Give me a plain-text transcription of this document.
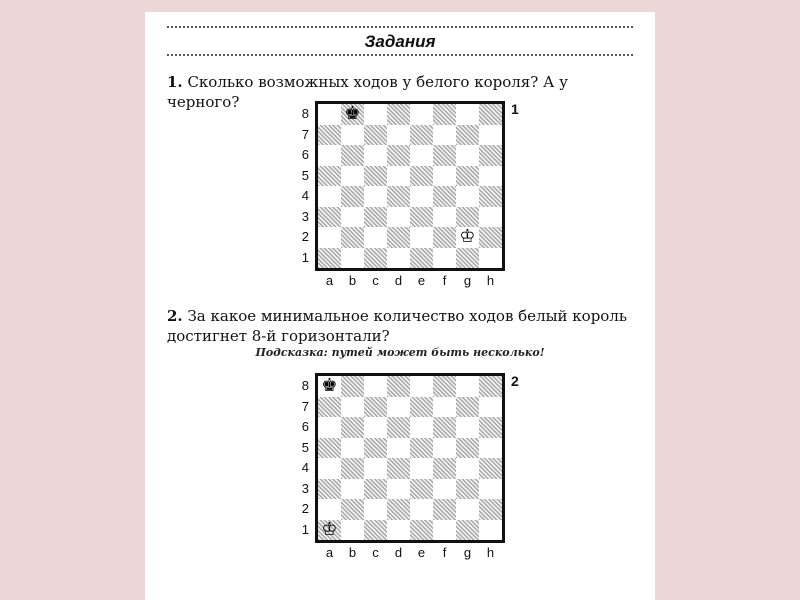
Задания
1. Сколько возможных ходов у белого короля? А у черного?
♚
♔
8
7
6
5
4
3
2
1
a	b	c	d	e	f	g	h
1
2. За какое минимальное количество ходов белый король
достигнет 8-й горизонтали?
Подсказка: путей может быть несколько!
♚
♔
8
7
6
5
4
3
2
1
a	b	c	d	e	f	g	h
2
